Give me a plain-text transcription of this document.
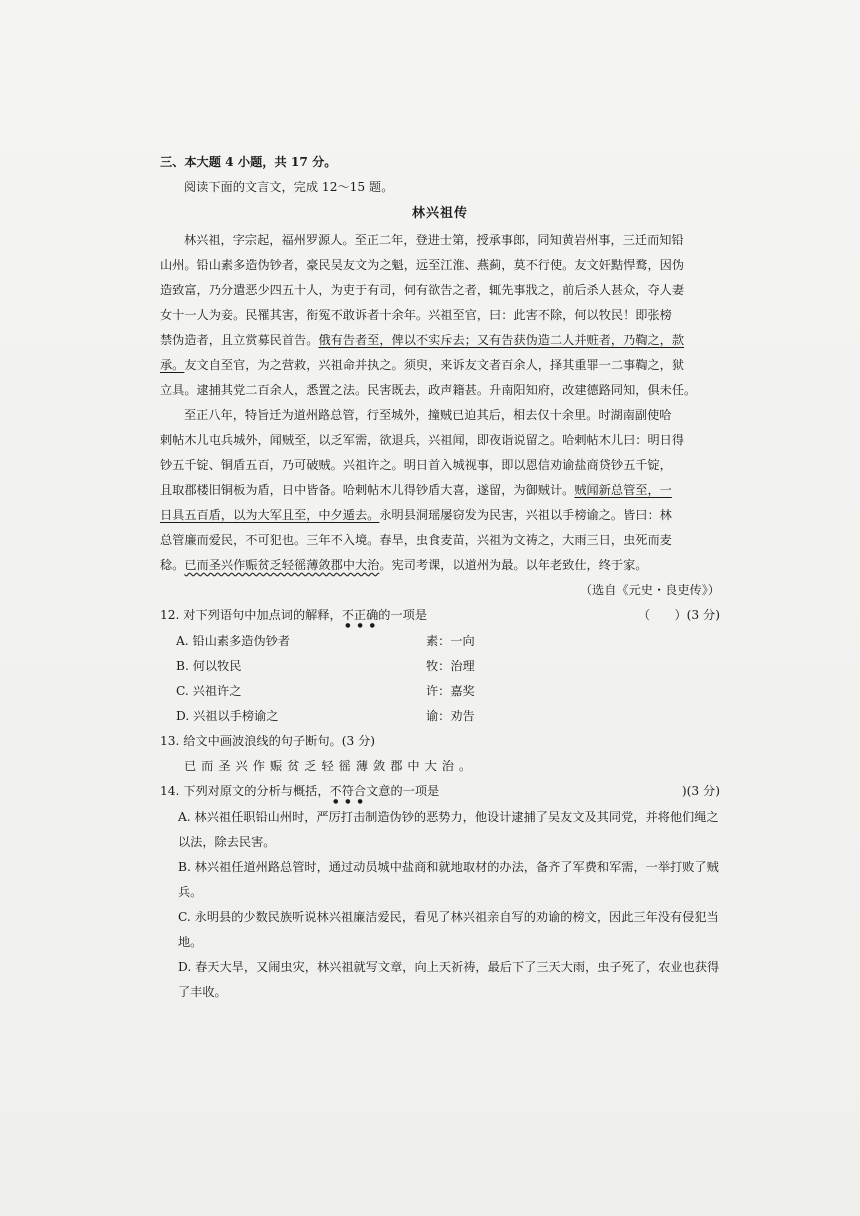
三、本大题 4 小题，共 17 分。
阅读下面的文言文，完成 12～15 题。
林兴祖传
林兴祖，字宗起，福州罗源人。至正二年，登进士第，授承事郎，同知黄岩州事，三迁而知铅
山州。铅山素多造伪钞者，豪民吴友文为之魁，远至江淮、燕蓟，莫不行使。友文奸黠悍鹜，因伪
造致富，乃分遣恶少四五十人，为吏于有司，伺有欲告之者，辄先事戕之，前后杀人甚众，夺人妻
女十一人为妾。民罹其害，衔冤不敢诉者十余年。兴祖至官，曰：此害不除，何以牧民！即张榜
禁伪造者，且立赏募民首告。俄有告者至，俾以不实斥去；又有告获伪造二人并赃者，乃鞫之，款
承。友文自至官，为之营救，兴祖命并执之。须臾，来诉友文者百余人，择其重罪一二事鞫之，狱
立具。逮捕其党二百余人，悉置之法。民害既去，政声籍甚。升南阳知府，改建德路同知，俱未任。
至正八年，特旨迁为道州路总管，行至城外，撞贼已迫其后，相去仅十余里。时湖南副使哈
剌帖木儿屯兵城外，闻贼至，以乏军需，欲退兵，兴祖闻，即夜诣说留之。哈剌帖木儿曰：明日得
钞五千锭、铜盾五百，乃可破贼。兴祖许之。明日首入城视事，即以恩信劝谕盐商贷钞五千锭，
且取郡楼旧铜板为盾，日中皆备。哈剌帖木儿得钞盾大喜，遂留，为御贼计。贼闻新总管至，一
日具五百盾，以为大军且至，中夕遁去。永明县洞瑶屡窃发为民害，兴祖以手榜谕之。皆曰：林
总管廉而爱民，不可犯也。三年不入境。春旱，虫食麦苗，兴祖为文祷之，大雨三日，虫死而麦
稔。已而圣兴作赈贫乏轻徭薄敛郡中大治。宪司考课，以道州为最。以年老致仕，终于家。
（选自《元史・良吏传》）
12. 对下列语句中加点词的解释，不正确的一项是	（　　）(3 分)
A. 铅山素多造伪钞者	素：一向
B. 何以牧民	牧：治理
C. 兴祖许之	许：嘉奖
D. 兴祖以手榜谕之	谕：劝告
13. 给文中画波浪线的句子断句。(3 分)
已而圣兴作赈贫乏轻徭薄敛郡中大治。
14. 下列对原文的分析与概括，不符合文意的一项是	)(3 分)
A. 林兴祖任职铅山州时，严厉打击制造伪钞的恶势力，他设计逮捕了吴友文及其同党，并将他们绳之以法，除去民害。
B. 林兴祖任道州路总管时，通过动员城中盐商和就地取材的办法，备齐了军费和军需，一举打败了贼兵。
C. 永明县的少数民族听说林兴祖廉洁爱民，看见了林兴祖亲自写的劝谕的榜文，因此三年没有侵犯当地。
D. 春天大旱，又闹虫灾，林兴祖就写文章，向上天祈祷，最后下了三天大雨，虫子死了，农业也获得了丰收。
